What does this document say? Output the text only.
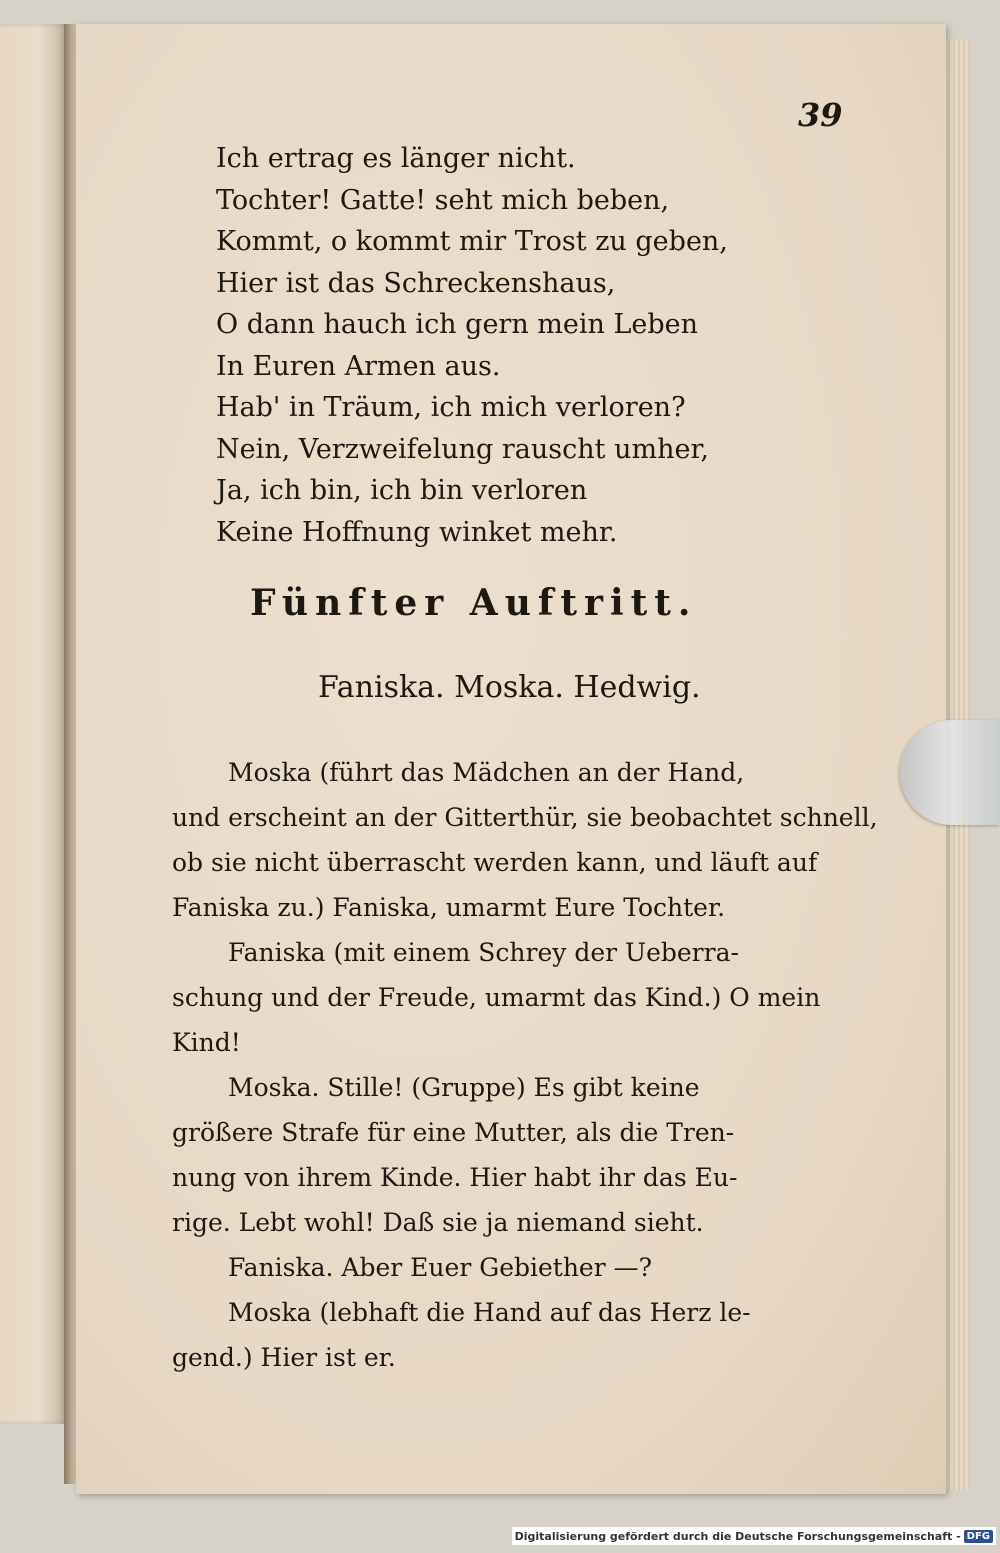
39
Ich ertrag es länger nicht.
Tochter! Gatte! seht mich beben,
Kommt, o kommt mir Trost zu geben,
Hier ist das Schreckenshaus,
O dann hauch ich gern mein Leben
In Euren Armen aus.
Hab' in Träum, ich mich verloren?
Nein, Verzweifelung rauscht umher,
Ja, ich bin, ich bin verloren
Keine Hoffnung winket mehr.
Fünfter Auftritt.
Faniska. Moska. Hedwig.
Moska (führt das Mädchen an der Hand,
und erscheint an der Gitterthür, sie beobachtet schnell,
ob sie nicht überrascht werden kann, und läuft auf
Faniska zu.) Faniska, umarmt Eure Tochter.
Faniska (mit einem Schrey der Ueberra-
schung und der Freude, umarmt das Kind.) O mein
Kind!
Moska. Stille! (Gruppe) Es gibt keine
größere Strafe für eine Mutter, als die Tren-
nung von ihrem Kinde. Hier habt ihr das Eu-
rige. Lebt wohl! Daß sie ja niemand sieht.
Faniska. Aber Euer Gebiether —?
Moska (lebhaft die Hand auf das Herz le-
gend.) Hier ist er.
Digitalisierung gefördert durch die Deutsche Forschungsgemeinschaft - DFG
